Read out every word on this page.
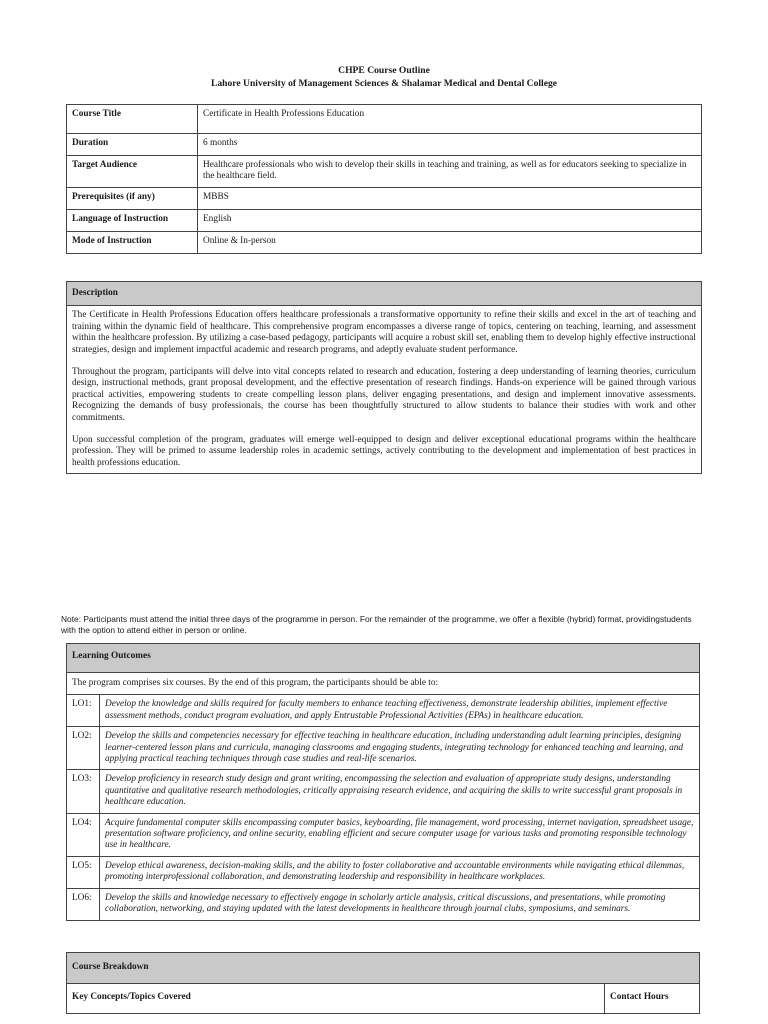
CHPE Course Outline
Lahore University of Management Sciences & Shalamar Medical and Dental College
Course Title	Certificate in Health Professions Education
Duration	6 months
Target Audience	Healthcare professionals who wish to develop their skills in teaching and training, as well as for educators seeking to specialize in the healthcare field.
Prerequisites (if any)	MBBS
Language of Instruction	English
Mode of Instruction	Online & In-person
Description

The Certificate in Health Professions Education offers healthcare professionals a transformative opportunity to refine their skills and excel in the art of teaching and training within the dynamic field of healthcare. This comprehensive program encompasses a diverse range of topics, centering on teaching, learning, and assessment within the healthcare profession. By utilizing a case-based pedagogy, participants will acquire a robust skill set, enabling them to develop highly effective instructional strategies, design and implement impactful academic and research programs, and adeptly evaluate student performance.

Throughout the program, participants will delve into vital concepts related to research and education, fostering a deep understanding of learning theories, curriculum design, instructional methods, grant proposal development, and the effective presentation of research findings. Hands-on experience will be gained through various practical activities, empowering students to create compelling lesson plans, deliver engaging presentations, and design and implement innovative assessments. Recognizing the demands of busy professionals, the course has been thoughtfully structured to allow students to balance their studies with work and other commitments.

Upon successful completion of the program, graduates will emerge well-equipped to design and deliver exceptional educational programs within the healthcare profession. They will be primed to assume leadership roles in academic settings, actively contributing to the development and implementation of best practices in health professions education.

Note: Participants must attend the initial three days of the programme in person. For the remainder of the programme, we offer a flexible (hybrid) format, providingstudents with the option to attend either in person or online.
Learning Outcomes	
The program comprises six courses. By the end of this program, the participants should be able to:	
LO1:	Develop the knowledge and skills required for faculty members to enhance teaching effectiveness, demonstrate leadership abilities, implement effective assessment methods, conduct program evaluation, and apply Entrustable Professional Activities (EPAs) in healthcare education.
LO2:	Develop the skills and competencies necessary for effective teaching in healthcare education, including understanding adult learning principles, designing learner-centered lesson plans and curricula, managing classrooms and engaging students, integrating technology for enhanced teaching and learning, and applying practical teaching techniques through case studies and real-life scenarios.
LO3:	Develop proficiency in research study design and grant writing, encompassing the selection and evaluation of appropriate study designs, understanding quantitative and qualitative research methodologies, critically appraising research evidence, and acquiring the skills to write successful grant proposals in healthcare education.
LO4:	Acquire fundamental computer skills encompassing computer basics, keyboarding, file management, word processing, internet navigation, spreadsheet usage, presentation software proficiency, and online security, enabling efficient and secure computer usage for various tasks and promoting responsible technology use in healthcare.
LO5:	Develop ethical awareness, decision-making skills, and the ability to foster collaborative and accountable environments while navigating ethical dilemmas, promoting interprofessional collaboration, and demonstrating leadership and responsibility in healthcare workplaces.
LO6:	Develop the skills and knowledge necessary to effectively engage in scholarly article analysis, critical discussions, and presentations, while promoting collaboration, networking, and staying updated with the latest developments in healthcare through journal clubs, symposiums, and seminars.
Course Breakdown
Key Concepts/Topics Covered	Contact Hours
